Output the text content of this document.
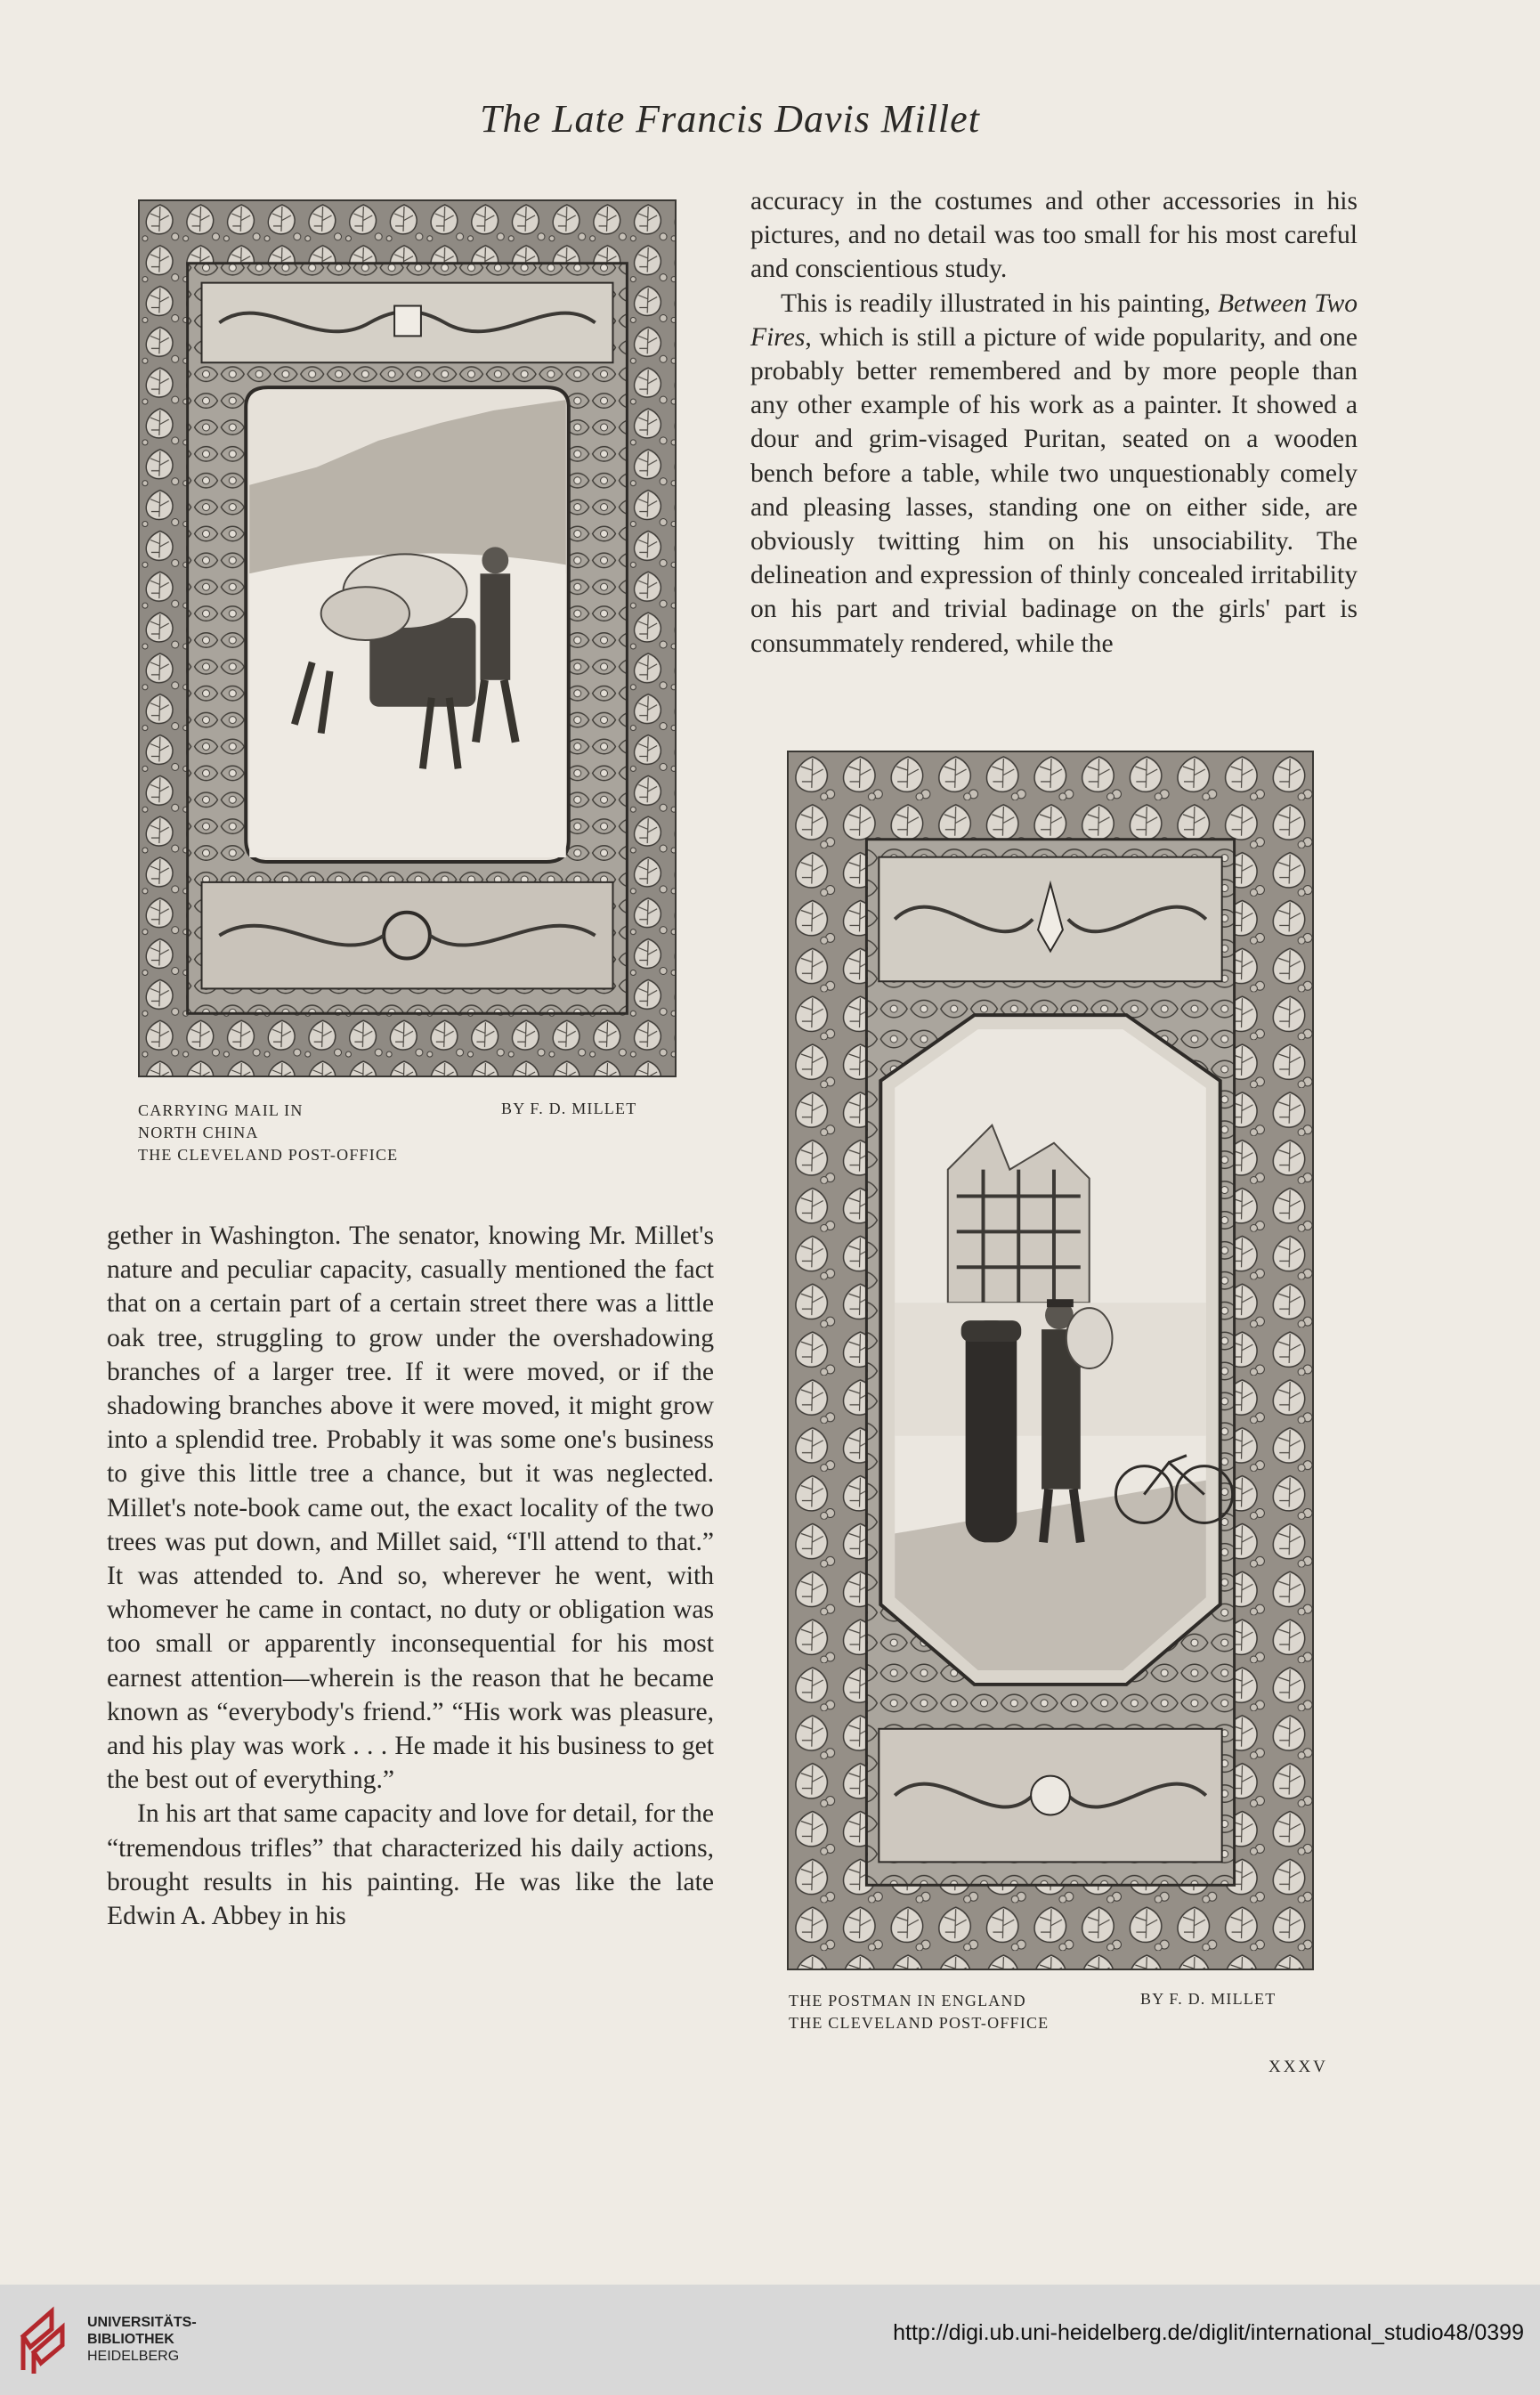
The Late Francis Davis Millet
CARRYING MAIL IN
NORTH CHINA
THE CLEVELAND POST-OFFICE
BY F. D. MILLET

accuracy in the costumes and other accessories in his pictures, and no detail was too small for his most careful and conscientious study.

This is readily illustrated in his painting, Between Two Fires, which is still a picture of wide popularity, and one probably better remembered and by more people than any other example of his work as a painter. It showed a dour and grim-visaged Puritan, seated on a wooden bench before a table, while two unquestionably comely and pleasing lasses, standing one on either side, are obviously twitting him on his unsociability. The delineation and expression of thinly concealed irritability on his part and trivial badinage on the girls' part is consummately rendered, while the

THE POSTMAN IN ENGLAND
THE CLEVELAND POST-OFFICE
BY F. D. MILLET

gether in Washington. The senator, knowing Mr. Millet's nature and peculiar capacity, casually mentioned the fact that on a certain part of a certain street there was a little oak tree, struggling to grow under the overshadowing branches of a larger tree. If it were moved, or if the shadowing branches above it were moved, it might grow into a splendid tree. Probably it was some one's business to give this little tree a chance, but it was neglected. Millet's note-book came out, the exact locality of the two trees was put down, and Millet said, “I'll attend to that.” It was attended to. And so, wherever he went, with whomever he came in contact, no duty or obligation was too small or apparently inconsequential for his most earnest attention—wherein is the reason that he became known as “everybody's friend.” “His work was pleasure, and his play was work . . . He made it his business to get the best out of everything.”

In his art that same capacity and love for detail, for the “tremendous trifles” that characterized his daily actions, brought results in his painting. He was like the late Edwin A. Abbey in his

XXXV
UNIVERSITÄTS-
BIBLIOTHEK
HEIDELBERG
http://digi.ub.uni-heidelberg.de/diglit/international_studio48/0399
